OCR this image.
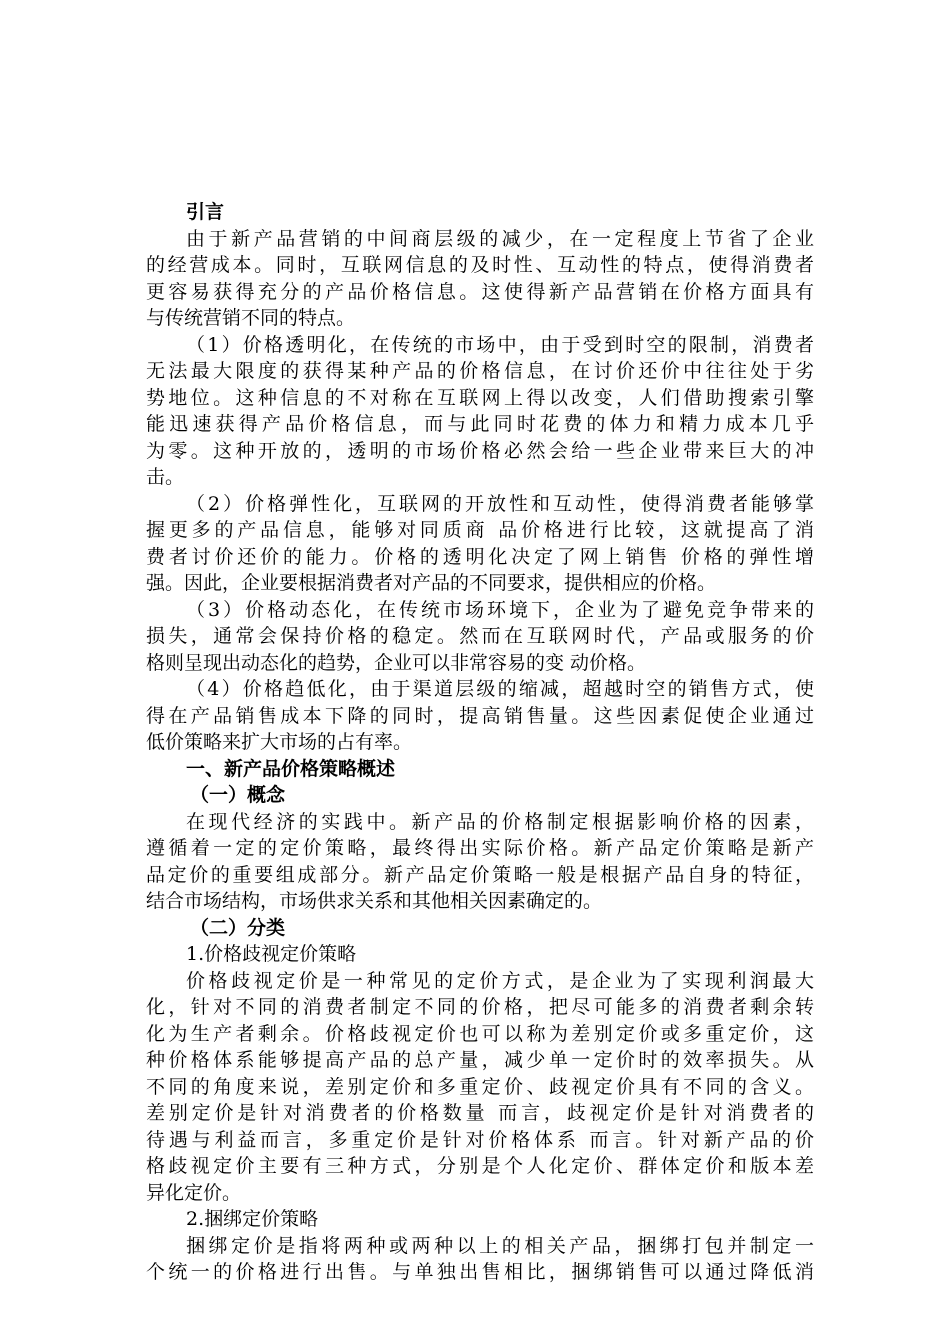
引言
由于新产品营销的中间商层级的减少，在一定程度上节省了企业
的经营成本。同时，互联网信息的及时性、互动性的特点，使得消费者
更容易获得充分的产品价格信息。这使得新产品营销在价格方面具有
与传统营销不同的特点。
（1）价格透明化，在传统的市场中，由于受到时空的限制，消费者
无法最大限度的获得某种产品的价格信息，在讨价还价中往往处于劣
势地位。这种信息的不对称在互联网上得以改变，人们借助搜索引擎
能迅速获得产品价格信息，而与此同时花费的体力和精力成本几乎
为零。这种开放的，透明的市场价格必然会给一些企业带来巨大的冲
击。
（2）价格弹性化，互联网的开放性和互动性，使得消费者能够掌
握更多的产品信息，能够对同质商 品价格进行比较，这就提高了消
费者讨价还价的能力。价格的透明化决定了网上销售 价格的弹性增
强。因此，企业要根据消费者对产品的不同要求，提供相应的价格。
（3）价格动态化，在传统市场环境下，企业为了避免竞争带来的
损失，通常会保持价格的稳定。然而在互联网时代，产品或服务的价
格则呈现出动态化的趋势，企业可以非常容易的变 动价格。
（4）价格趋低化，由于渠道层级的缩减，超越时空的销售方式，使
得在产品销售成本下降的同时，提高销售量。这些因素促使企业通过
低价策略来扩大市场的占有率。
一、新产品价格策略概述
（一）概念
在现代经济的实践中。新产品的价格制定根据影响价格的因素，
遵循着一定的定价策略，最终得出实际价格。新产品定价策略是新产
品定价的重要组成部分。新产品定价策略一般是根据产品自身的特征，
结合市场结构，市场供求关系和其他相关因素确定的。
（二）分类
1.价格歧视定价策略
价格歧视定价是一种常见的定价方式，是企业为了实现利润最大
化，针对不同的消费者制定不同的价格，把尽可能多的消费者剩余转
化为生产者剩余。价格歧视定价也可以称为差别定价或多重定价，这
种价格体系能够提高产品的总产量，减少单一定价时的效率损失。从
不同的角度来说，差别定价和多重定价、歧视定价具有不同的含义。
差别定价是针对消费者的价格数量 而言，歧视定价是针对消费者的
待遇与利益而言，多重定价是针对价格体系 而言。针对新产品的价
格歧视定价主要有三种方式，分别是个人化定价、群体定价和版本差
异化定价。
2.捆绑定价策略
捆绑定价是指将两种或两种以上的相关产品，捆绑打包并制定一
个统一的价格进行出售。与单独出售相比，捆绑销售可以通过降低消
